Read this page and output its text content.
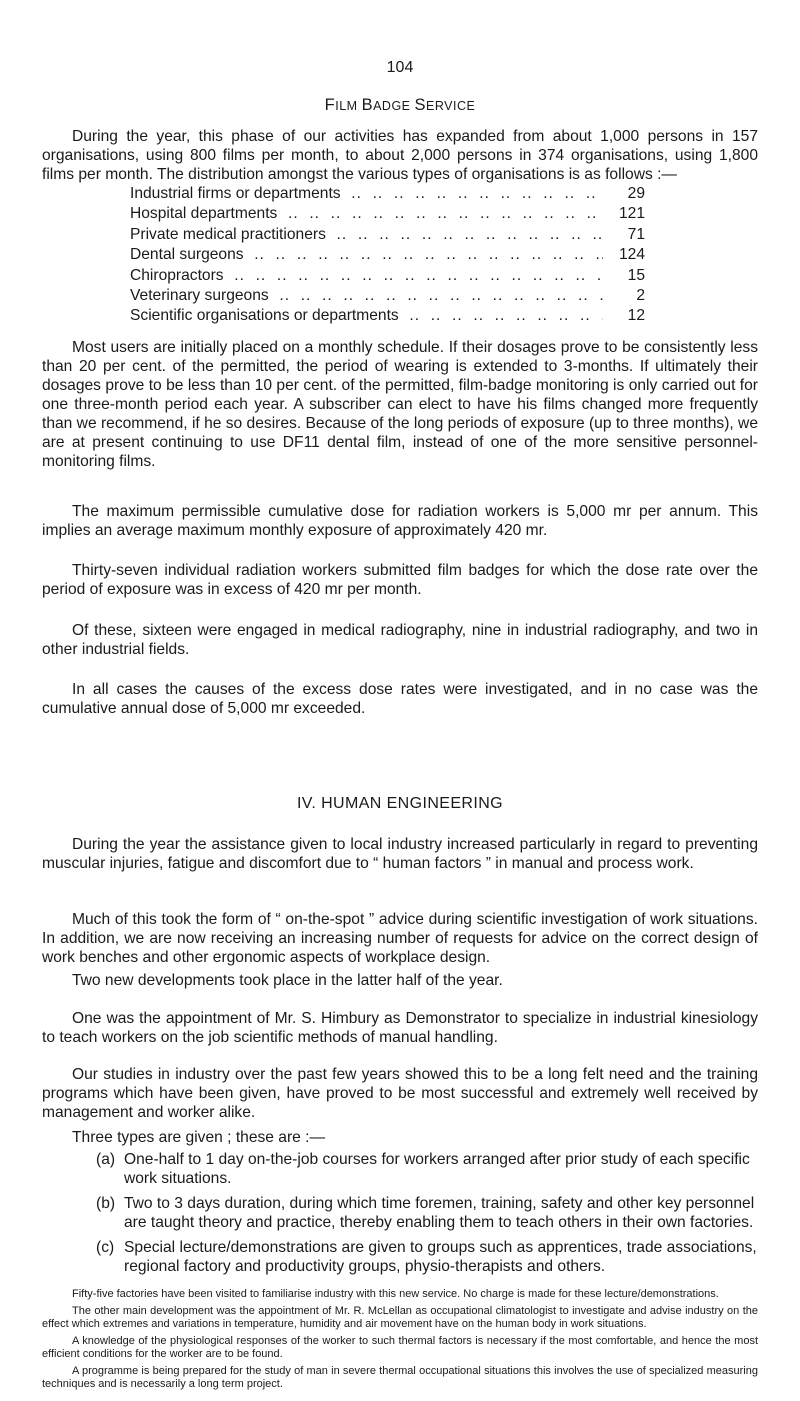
104
FILM BADGE SERVICE

During the year, this phase of our activities has expanded from about 1,000 persons in 157 organisations, using 800 films per month, to about 2,000 persons in 374 organisations, using 1,800 films per month. The distribution amongst the various types of organisations is as follows :—

Industrial firms or departments .. .	29
Hospital departments .. .	121
Private medical practitioners .. .	71
Dental surgeons .. .	124
Chiropractors .. .	15
Veterinary surgeons .. .	2
Scientific organisations or departments .. .	12

Most users are initially placed on a monthly schedule. If their dosages prove to be consistently less than 20 per cent. of the permitted, the period of wearing is extended to 3-months. If ultimately their dosages prove to be less than 10 per cent. of the permitted, film-badge monitoring is only carried out for one three-month period each year. A subscriber can elect to have his films changed more frequently than we recommend, if he so desires. Because of the long periods of exposure (up to three months), we are at present continuing to use DF11 dental film, instead of one of the more sensitive personnel-monitoring films.

The maximum permissible cumulative dose for radiation workers is 5,000 mr per annum. This implies an average maximum monthly exposure of approximately 420 mr.

Thirty-seven individual radiation workers submitted film badges for which the dose rate over the period of exposure was in excess of 420 mr per month.

Of these, sixteen were engaged in medical radiography, nine in industrial radiography, and two in other industrial fields.

In all cases the causes of the excess dose rates were investigated, and in no case was the cumulative annual dose of 5,000 mr exceeded.

IV. HUMAN ENGINEERING

During the year the assistance given to local industry increased particularly in regard to preventing muscular injuries, fatigue and discomfort due to “ human factors ” in manual and process work.

Much of this took the form of “ on-the-spot ” advice during scientific investigation of work situations. In addition, we are now receiving an increasing number of requests for advice on the correct design of work benches and other ergonomic aspects of workplace design.

Two new developments took place in the latter half of the year.

One was the appointment of Mr. S. Himbury as Demonstrator to specialize in industrial kinesiology to teach workers on the job scientific methods of manual handling.

Our studies in industry over the past few years showed this to be a long felt need and the training programs which have been given, have proved to be most successful and extremely well received by management and worker alike.

Three types are given ; these are :—

(a) One-half to 1 day on-the-job courses for workers arranged after prior study of each specific work situations.
(b) Two to 3 days duration, during which time foremen, training, safety and other key personnel are taught theory and practice, thereby enabling them to teach others in their own factories.
(c) Special lecture/demonstrations are given to groups such as apprentices, trade associations, regional factory and productivity groups, physio-therapists and others.

Fifty-five factories have been visited to familiarise industry with this new service. No charge is made for these lecture/demonstrations.

The other main development was the appointment of Mr. R. McLellan as occupational climatologist to investigate and advise industry on the effect which extremes and variations in temperature, humidity and air movement have on the human body in work situations.

A knowledge of the physiological responses of the worker to such thermal factors is necessary if the most comfortable, and hence the most efficient conditions for the worker are to be found.

A programme is being prepared for the study of man in severe thermal occupational situations this involves the use of specialized measuring techniques and is necessarily a long term project.
